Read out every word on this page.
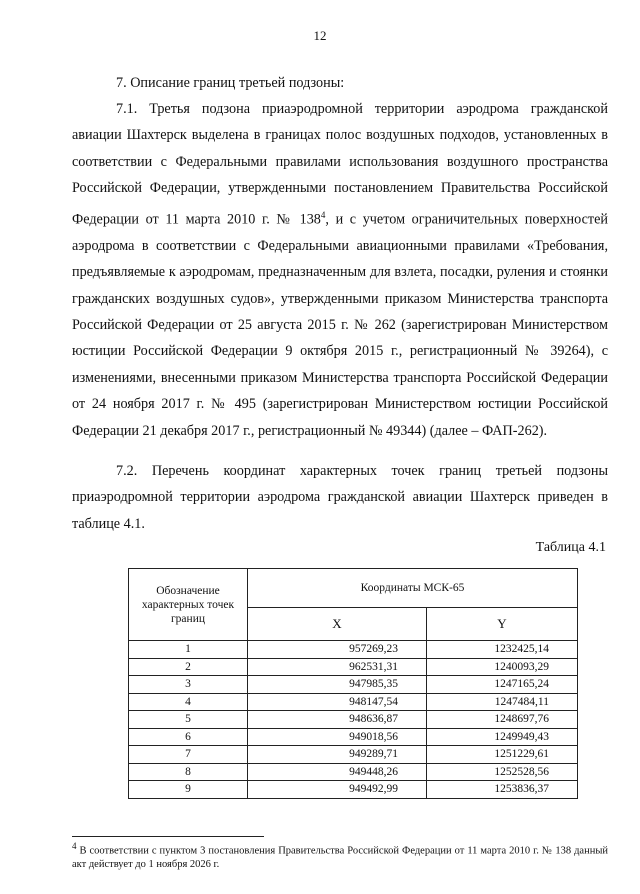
12
7. Описание границ третьей подзоны:
7.1. Третья подзона приаэродромной территории аэродрома гражданской авиации Шахтерск выделена в границах полос воздушных подходов, установленных в соответствии с Федеральными правилами использования воздушного пространства Российской Федерации, утвержденными постановлением Правительства Российской Федерации от 11 марта 2010 г. № $138^4$, и с учетом ограничительных поверхностей аэродрома в соответствии с Федеральными авиационными правилами «Требования, предъявляемые к аэродромам, предназначенным для взлета, посадки, руления и стоянки гражданских воздушных судов», утвержденными приказом Министерства транспорта Российской Федерации от 25 августа 2015 г. № 262 (зарегистрирован Министерством юстиции Российской Федерации 9 октября 2015 г., регистрационный № 39264), с изменениями, внесенными приказом Министерства транспорта Российской Федерации от 24 ноября 2017 г. № 495 (зарегистрирован Министерством юстиции Российской Федерации 21 декабря 2017 г., регистрационный № 49344) (далее – ФАП-262).
7.2. Перечень координат характерных точек границ третьей подзоны приаэродромной территории аэродрома гражданской авиации Шахтерск приведен в таблице 4.1.
Таблица 4.1
Обозначение характерных точек границ	Координаты МСК-65	
	X	Y
1	957269,23	1232425,14
2	962531,31	1240093,29
3	947985,35	1247165,24
4	948147,54	1247484,11
5	948636,87	1248697,76
6	949018,56	1249949,43
7	949289,71	1251229,61
8	949448,26	1252528,56
9	949492,99	1253836,37
$^4$ В соответствии с пунктом 3 постановления Правительства Российской Федерации от 11 марта 2010 г. № 138 данный акт действует до 1 ноября 2026 г.
